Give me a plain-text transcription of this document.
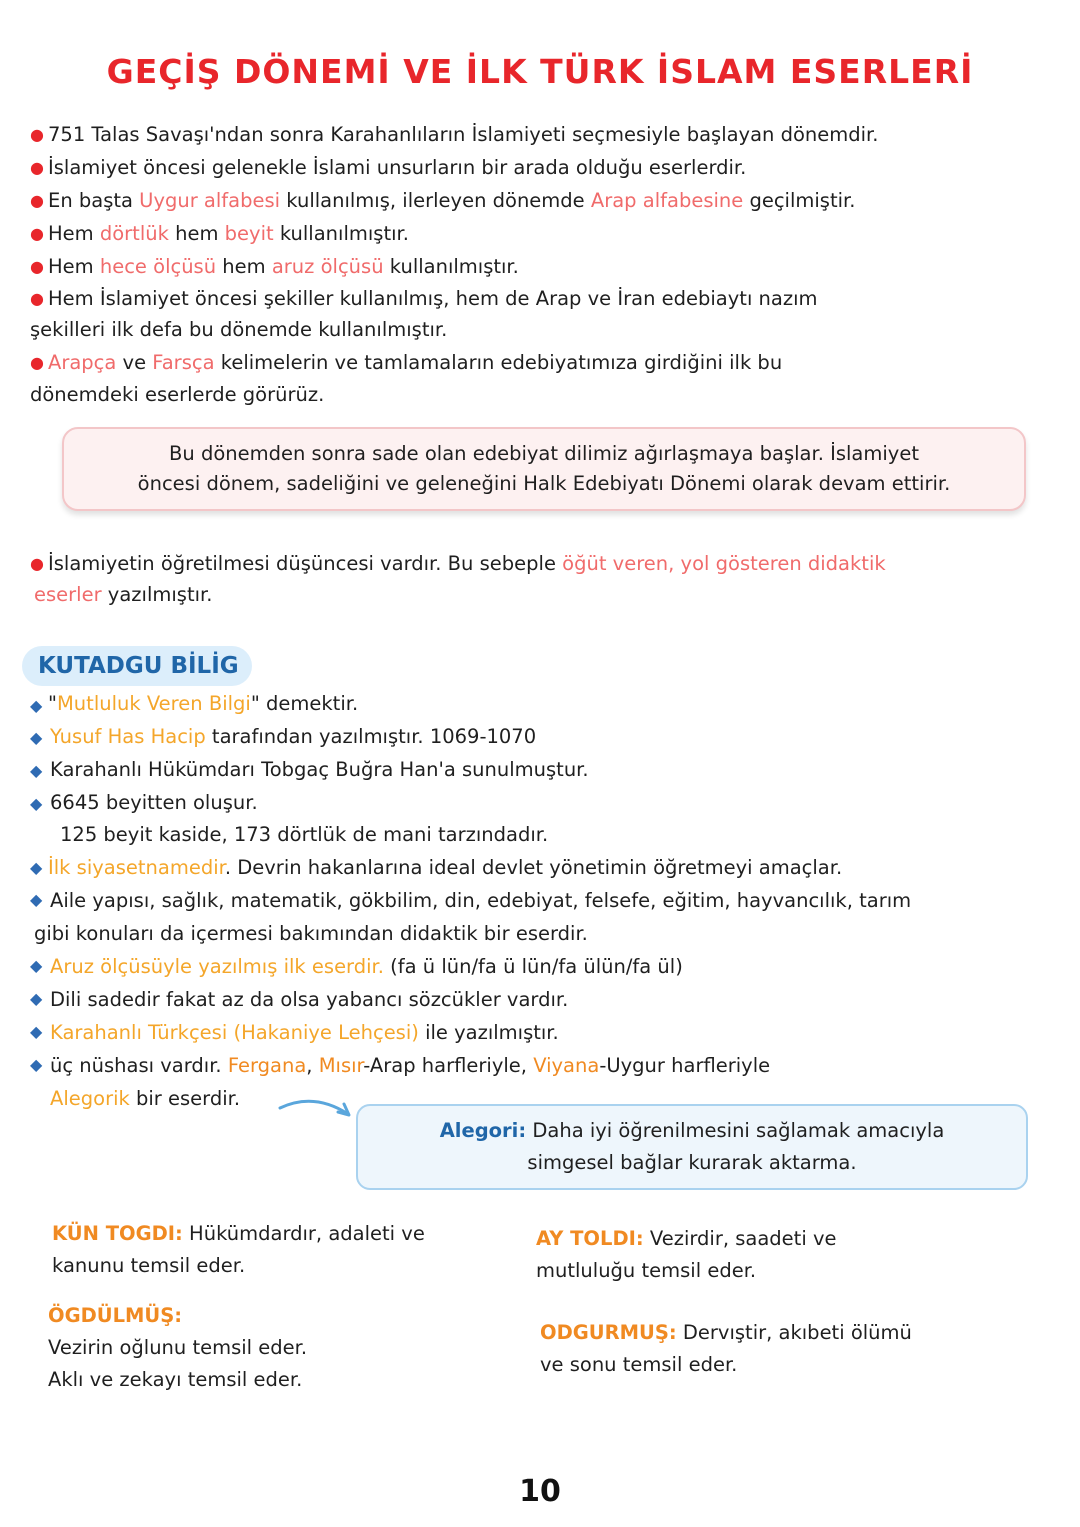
GEÇİŞ DÖNEMİ VE İLK TÜRK İSLAM ESERLERİ
● 751 Talas Savaşı'ndan sonra Karahanlıların İslamiyeti seçmesiyle başlayan dönemdir.
● İslamiyet öncesi gelenekle İslami unsurların bir arada olduğu eserlerdir.
● En başta Uygur alfabesi kullanılmış, ilerleyen dönemde Arap alfabesine geçilmiştir.
● Hem dörtlük hem beyit kullanılmıştır.
● Hem hece ölçüsü hem aruz ölçüsü kullanılmıştır.
● Hem İslamiyet öncesi şekiller kullanılmış, hem de Arap ve İran edebiaytı nazım
şekilleri ilk defa bu dönemde kullanılmıştır.
● Arapça ve Farsça kelimelerin ve tamlamaların edebiyatımıza girdiğini ilk bu
dönemdeki eserlerde görürüz.
Bu dönemden sonra sade olan edebiyat dilimiz ağırlaşmaya başlar. İslamiyet
öncesi dönem, sadeliğini ve geleneğini Halk Edebiyatı Dönemi olarak devam ettirir.
● İslamiyetin öğretilmesi düşüncesi vardır. Bu sebeple öğüt veren, yol gösteren didaktik
eserler yazılmıştır.
KUTADGU BİLİG
◆ "Mutluluk Veren Bilgi" demektir.
◆ Yusuf Has Hacip tarafından yazılmıştır. 1069-1070
◆ Karahanlı Hükümdarı Tobgaç Buğra Han'a sunulmuştur.
◆ 6645 beyitten oluşur.
125 beyit kaside, 173 dörtlük de mani tarzındadır.
◆ İlk siyasetnamedir. Devrin hakanlarına ideal devlet yönetimin öğretmeyi amaçlar.
◆ Aile yapısı, sağlık, matematik, gökbilim, din, edebiyat, felsefe, eğitim, hayvancılık, tarım
gibi konuları da içermesi bakımından didaktik bir eserdir.
◆ Aruz ölçüsüyle yazılmış ilk eserdir. (fa ü lün/fa ü lün/fa ülün/fa ül)
◆ Dili sadedir fakat az da olsa yabancı sözcükler vardır.
◆ Karahanlı Türkçesi (Hakaniye Lehçesi) ile yazılmıştır.
◆ üç nüshası vardır. Fergana, Mısır-Arap harfleriyle, Viyana-Uygur harfleriyle
Alegorik bir eserdir.
Alegori: Daha iyi öğrenilmesini sağlamak amacıyla
simgesel bağlar kurarak aktarma.
KÜN TOGDI: Hükümdardır, adaleti ve
kanunu temsil eder.
AY TOLDI: Vezirdir, saadeti ve
mutluluğu temsil eder.
ÖGDÜLMÜŞ:
Vezirin oğlunu temsil eder.
Aklı ve zekayı temsil eder.
ODGURMUŞ: Dervıştir, akıbeti ölümü
ve sonu temsil eder.
10
